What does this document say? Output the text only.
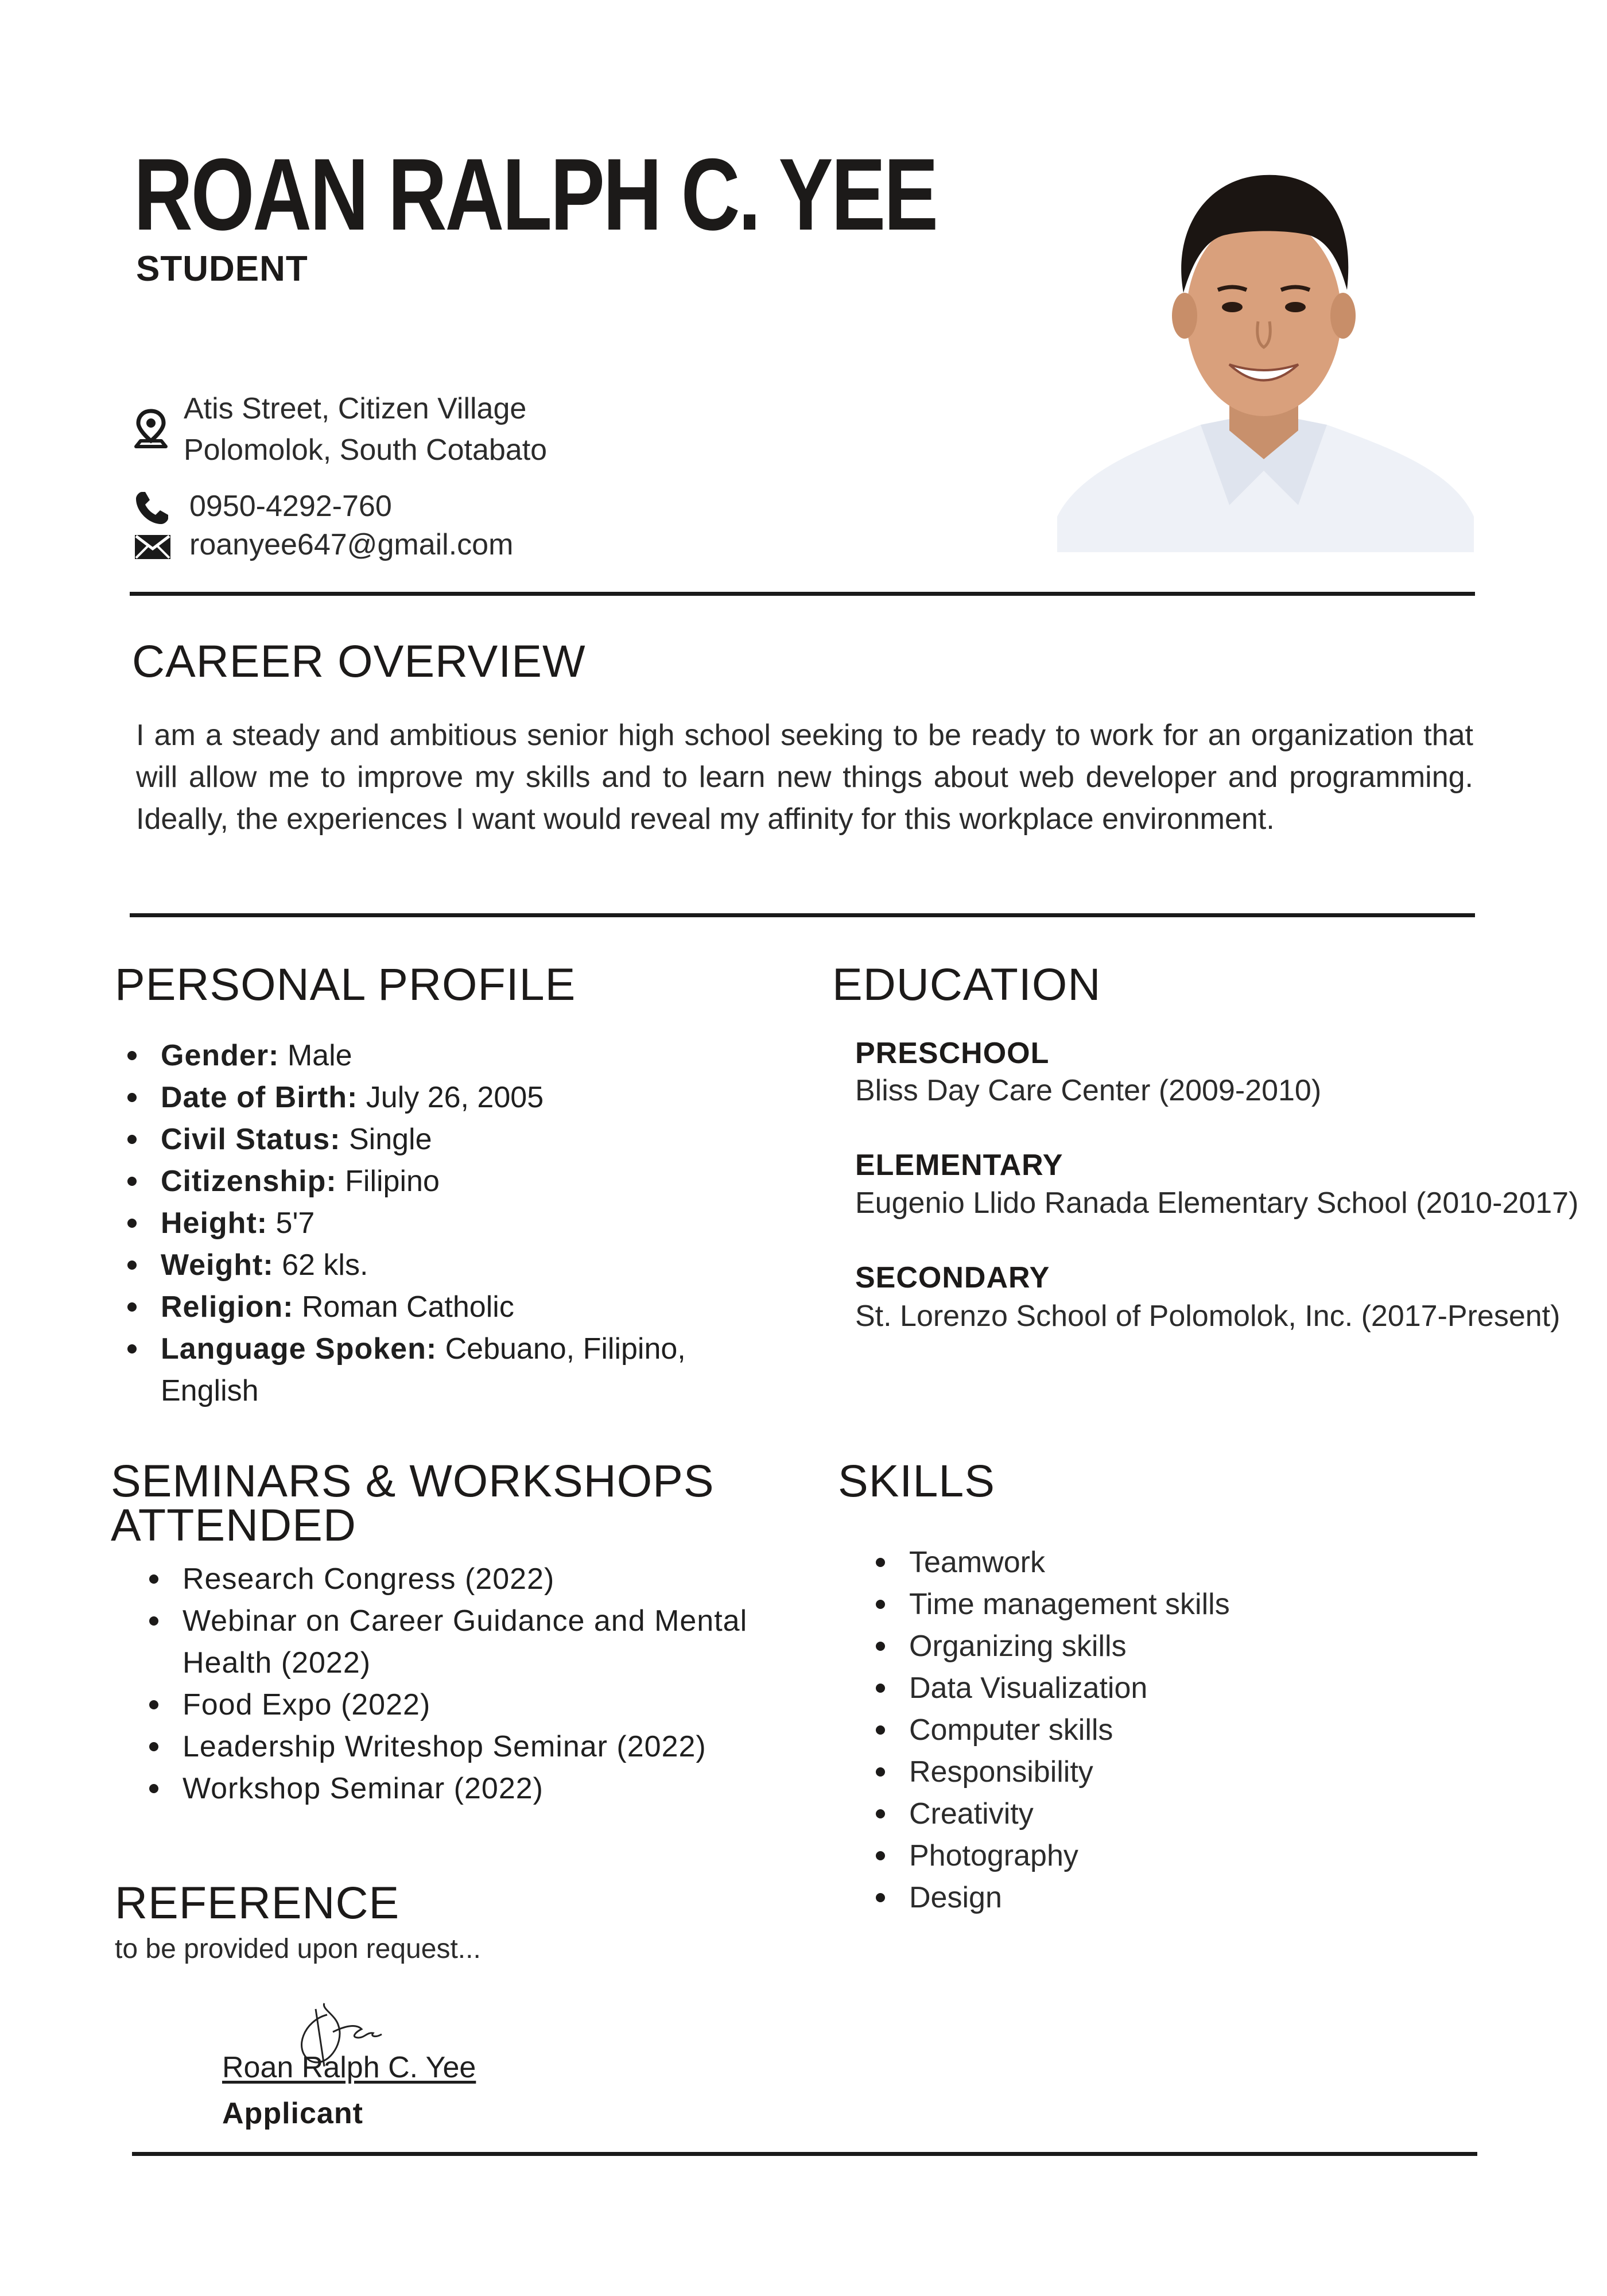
ROAN RALPH C. YEE
STUDENT
Atis Street, Citizen Village
Polomolok, South Cotabato
0950-4292-760
roanyee647@gmail.com
CAREER OVERVIEW
I am a steady and ambitious senior high school seeking to be ready to work for an organization that will allow me to improve my skills and to learn new things about web developer and programming. Ideally, the experiences I want would reveal my affinity for this workplace environment.
PERSONAL PROFILE
Gender: Male
Date of Birth: July 26, 2005
Civil Status: Single
Citizenship: Filipino
Height: 5'7
Weight: 62 kls.
Religion: Roman Catholic
Language Spoken: Cebuano, Filipino,
English
EDUCATION
PRESCHOOL
Bliss Day Care Center (2009-2010)
ELEMENTARY
Eugenio Llido Ranada Elementary School (2010-2017)
SECONDARY
St. Lorenzo School of Polomolok, Inc. (2017-Present)
SEMINARS & WORKSHOPS
ATTENDED
Research Congress (2022)
Webinar on Career Guidance and Mental
Health (2022)
Food Expo (2022)
Leadership Writeshop Seminar (2022)
Workshop Seminar (2022)
SKILLS
Teamwork
Time management skills
Organizing skills
Data Visualization
Computer skills
Responsibility
Creativity
Photography
Design
REFERENCE
to be provided upon request...
Roan Ralph C. Yee
Applicant
